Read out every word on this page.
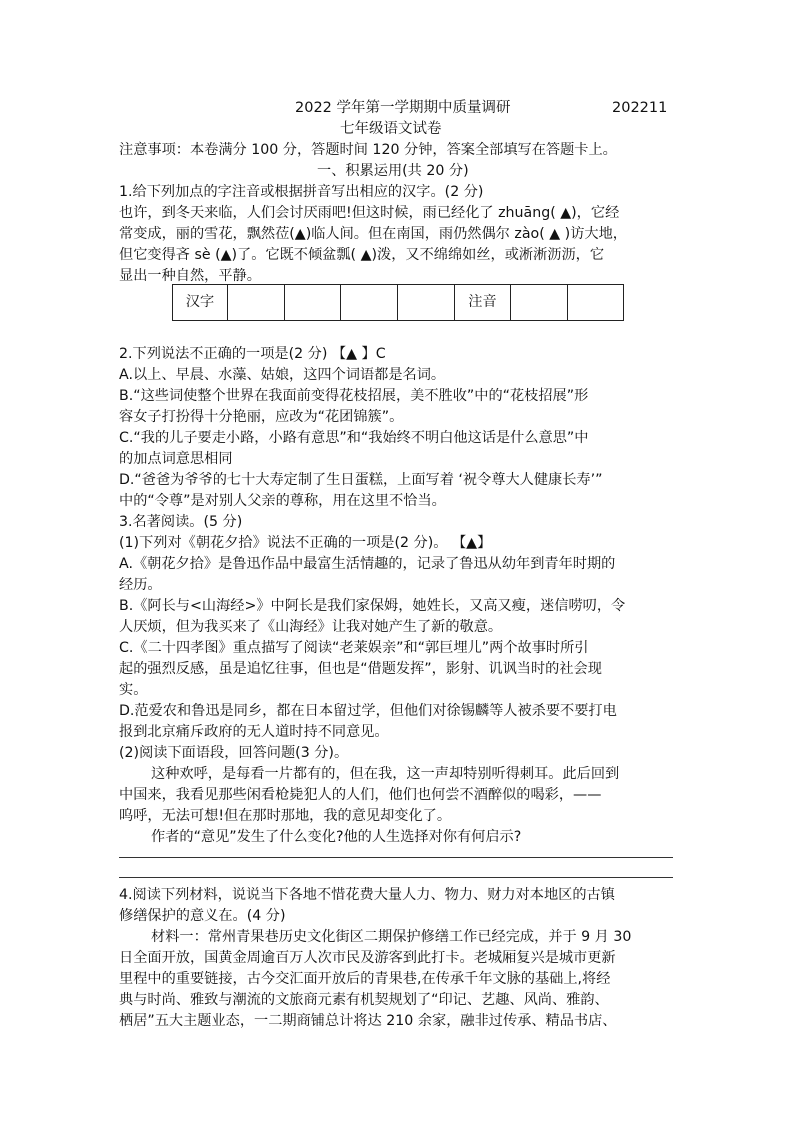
2022 学年第一学期期中质量调研	202211
七年级语文试卷
注意事项：本卷满分 100 分，答题时间 120 分钟，答案全部填写在答题卡上。
一、积累运用(共 20 分)
1.给下列加点的字注音或根据拼音写出相应的汉字。(2 分)
也许，到冬天来临，人们会讨厌雨吧!但这时候，雨已经化了 zhuāng( ▲)，它经
常变成，丽的雪花，飘然莅(▲)临人间。但在南国，雨仍然偶尔 zào( ▲ )访大地，
但它变得吝 sè (▲)了。它既不倾盆瓢( ▲)泼，又不绵绵如丝，或淅淅沥沥，它
显出一种自然，平静。
汉字					注音		
2.下列说法不正确的一项是(2 分) 【▲ 】C
A.以上、早晨、水藻、姑娘，这四个词语都是名词。
B.“这些词使整个世界在我面前变得花枝招展，美不胜收”中的“花枝招展”形
容女子打扮得十分艳丽，应改为“花团锦簇”。
C.“我的儿子要走小路，小路有意思”和“我始终不明白他这话是什么意思”中
的加点词意思相同
D.“爸爸为爷爷的七十大寿定制了生日蛋糕，上面写着 ‘祝令尊大人健康长寿’”
中的“令尊”是对别人父亲的尊称，用在这里不恰当。
3.名著阅读。(5 分)
(1)下列对《朝花夕拾》说法不正确的一项是(2 分)。 【▲】
A.《朝花夕拾》是鲁迅作品中最富生活情趣的，记录了鲁迅从幼年到青年时期的
经历。
B.《阿长与<山海经>》中阿长是我们家保姆，她姓长，又高又瘦，迷信唠叨，令
人厌烦，但为我买来了《山海经》让我对她产生了新的敬意。
C.《二十四孝图》重点描写了阅读“老莱娱亲”和“郭巨埋儿”两个故事时所引
起的强烈反感，虽是追忆往事，但也是“借题发挥”，影射、讥讽当时的社会现
实。
D.范爱农和鲁迅是同乡，都在日本留过学，但他们对徐锡麟等人被杀要不要打电
报到北京痛斥政府的无人道时持不同意见。
(2)阅读下面语段，回答问题(3 分)。
这种欢呼，是每看一片都有的，但在我，这一声却特别听得刺耳。此后回到
中国来，我看见那些闲看枪毙犯人的人们，他们也何尝不酒醉似的喝彩，——
呜呼，无法可想!但在那时那地，我的意见却变化了。
作者的“意见”发生了什么变化?他的人生选择对你有何启示?
4.阅读下列材料，说说当下各地不惜花费大量人力、物力、财力对本地区的古镇
修缮保护的意义在。(4 分)
材料一：常州青果巷历史文化街区二期保护修缮工作已经完成，并于 9 月 30
日全面开放，国黄金周逾百万人次市民及游客到此打卡。老城厢复兴是城市更新
里程中的重要链接，古今交汇面开放后的青果巷,在传承千年文脉的基础上,将经
典与时尚、雅致与潮流的文旅商元素有机契规划了“印记、艺趣、风尚、雅韵、
栖居”五大主题业态，一二期商铺总计将达 210 余家，融非过传承、精品书店、
